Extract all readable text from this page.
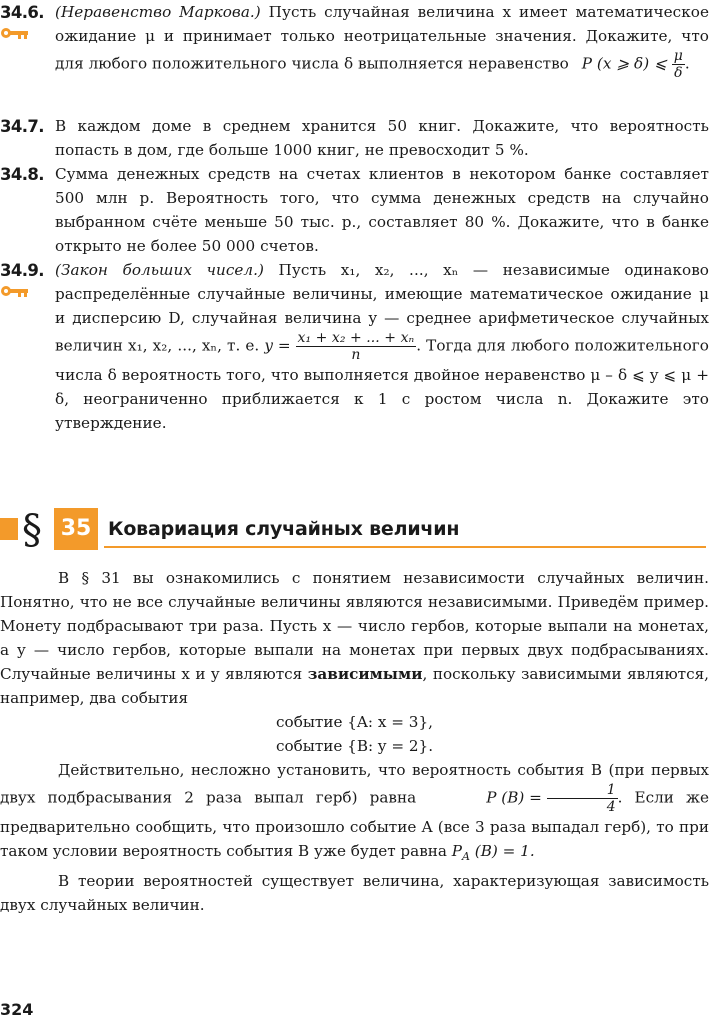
34.6. (Неравенство Маркова.) Пусть случайная величина x имеет математическое ожидание μ и принимает только неотрицательные значения. Докажите, что для любого положительного числа δ выполняется неравенство P (x ⩾ δ) ⩽ $\frac{\mu}{\delta}$ .

34.7. В каждом доме в среднем хранится 50 книг. Докажите, что вероятность попасть в дом, где больше 1000 книг, не превосходит 5 %.
34.8. Сумма денежных средств на счетах клиентов в некотором банке составляет 500 млн р. Вероятность того, что сумма денежных средств на случайно выбранном счёте меньше 50 тыс. р., составляет 80 %. Докажите, что в банке открыто не более 50 000 счетов.
34.9. (Закон больших чисел.) Пусть x₁, x₂, ..., xₙ — независимые одинаково распределённые случайные величины, имеющие математическое ожидание μ и дисперсию D, случайная величина y — среднее арифметическое случайных величин x₁, x₂, ..., xₙ, т. е. $y = \frac{\text{x₁ + x₂ + ... + xₙ}}{n}$ . Тогда для любого положительного числа δ вероятность того, что выполняется двойное неравенство μ – δ ⩽ y ⩽ μ + δ, неограниченно приближается к 1 с ростом числа n. Докажите это утверждение.

§ 35 Ковариация случайных величин

В § 31 вы ознакомились с понятием независимости случайных величин. Понятно, что не все случайные величины являются независимыми. Приведём пример. Монету подбрасывают три раза. Пусть x — число гербов, которые выпали на монетах, а y — число гербов, которые выпали на монетах при первых двух подбрасываниях. Случайные величины x и y являются зависимыми, поскольку зависимыми являются, например, два события

событие {A: x = 3},

событие {B: y = 2}.

Действительно, несложно установить, что вероятность события B (при первых двух подбрасывания 2 раза выпал герб) равна	P $(B) = \frac{1}{4}$ . Если же предварительно сообщить, что произошло событие A (все 3 раза выпадал герб), то при таком условии вероятность события B уже будет равна $P_A$ (B) = 1.

В теории вероятностей существует величина, характеризующая зависимость двух случайных величин.

324
